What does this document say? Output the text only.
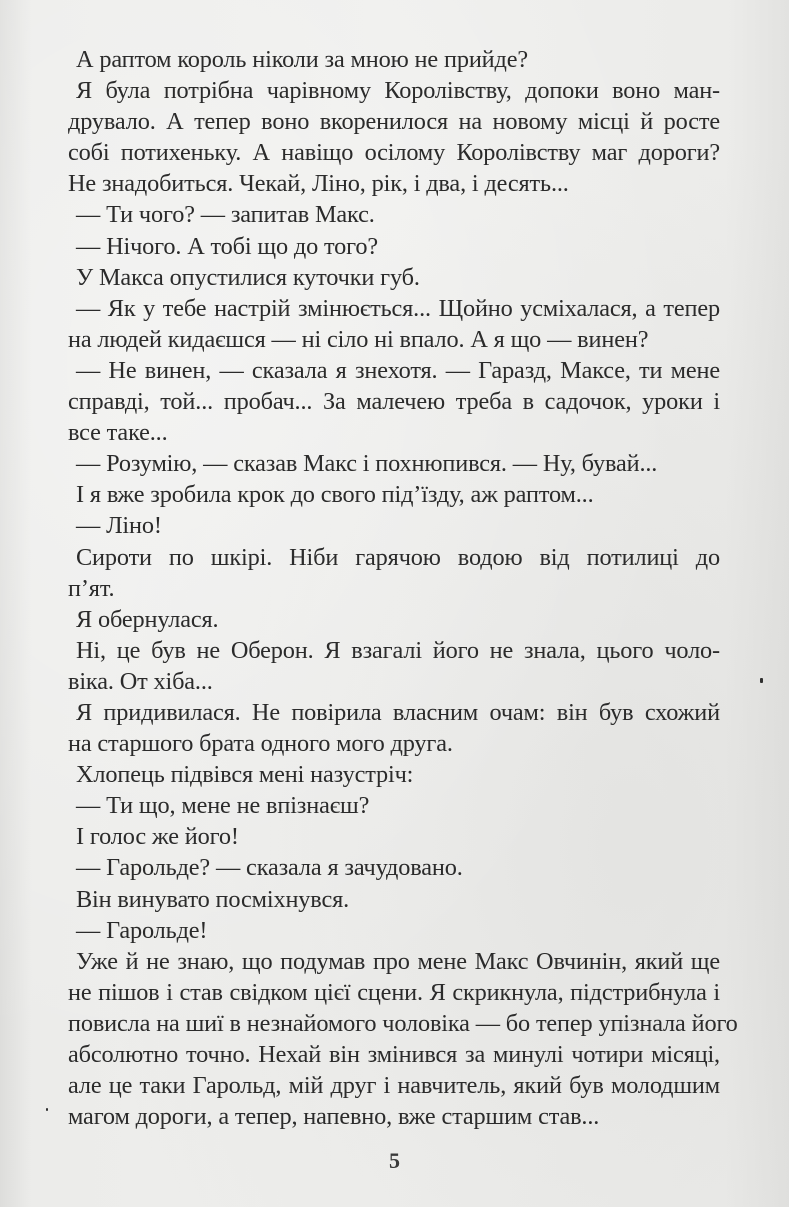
А раптом король ніколи за мною не прийде?
Я була потрібна чарівному Королівству, допоки воно ман-
друвало. А тепер воно вкоренилося на новому місці й росте
собі потихеньку. А навіщо осілому Королівству маг дороги?
Не знадобиться. Чекай, Ліно, рік, і два, і десять...
— Ти чого? — запитав Макс.
— Нічого. А тобі що до того?
У Макса опустилися куточки губ.
— Як у тебе настрій змінюється... Щойно усміхалася, а тепер
на людей кидаєшся — ні сіло ні впало. А я що — винен?
— Не винен, — сказала я знехотя. — Гаразд, Максе, ти мене
справді, той... пробач... За малечею треба в садочок, уроки і
все таке...
— Розумію, — сказав Макс і похнюпився. — Ну, бувай...
І я вже зробила крок до свого під’їзду, аж раптом...
— Ліно!
Сироти по шкірі. Ніби гарячою водою від потилиці до
п’ят.
Я обернулася.
Ні, це був не Оберон. Я взагалі його не знала, цього чоло-
віка. От хіба...
Я придивилася. Не повірила власним очам: він був схожий
на старшого брата одного мого друга.
Хлопець підвівся мені назустріч:
— Ти що, мене не впізнаєш?
І голос же його!
— Гарольде? — сказала я зачудовано.
Він винувато посміхнувся.
— Гарольде!
Уже й не знаю, що подумав про мене Макс Овчинін, який ще
не пішов і став свідком цієї сцени. Я скрикнула, підстрибнула і
повисла на шиї в незнайомого чоловіка — бо тепер упізнала його
абсолютно точно. Нехай він змінився за минулі чотири місяці,
але це таки Гарольд, мій друг і навчитель, який був молодшим
магом дороги, а тепер, напевно, вже старшим став...
5
